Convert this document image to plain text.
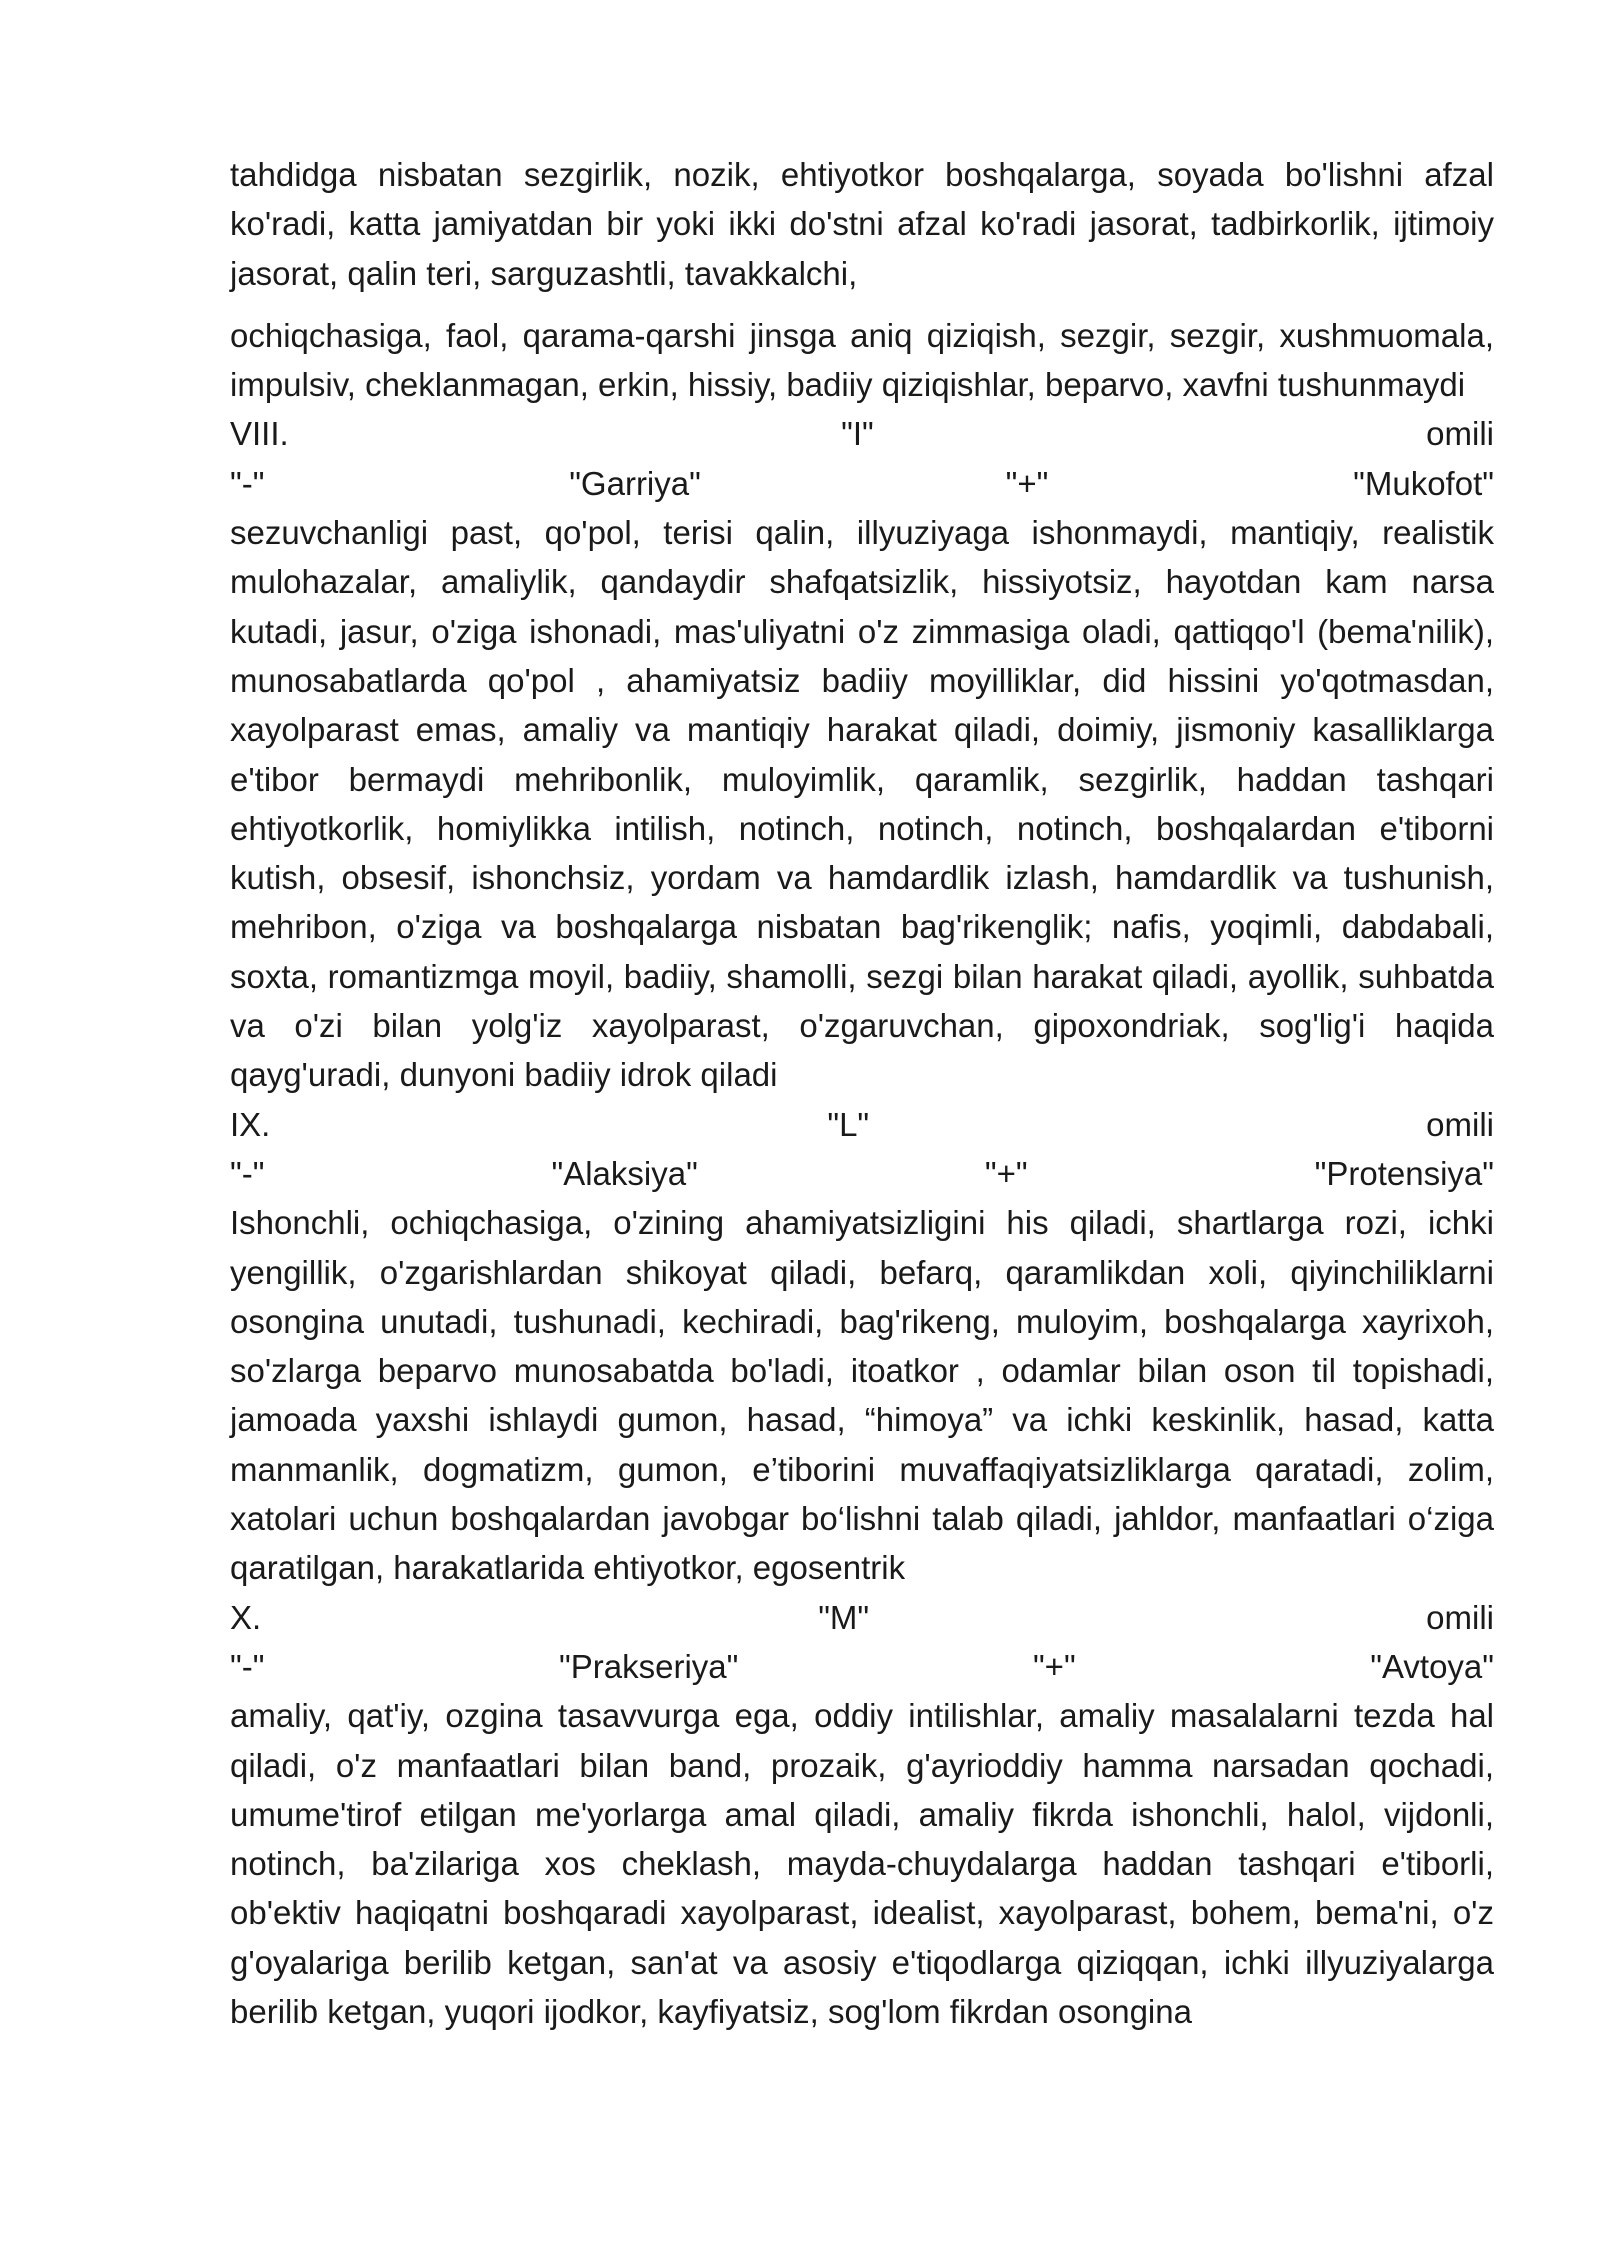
tahdidga nisbatan sezgirlik, nozik, ehtiyotkor boshqalarga, soyada bo'lishni afzal ko'radi, katta jamiyatdan bir yoki ikki do'stni afzal ko'radi jasorat, tadbirkorlik, ijtimoiy jasorat, qalin teri, sarguzashtli, tavakkalchi,

ochiqchasiga, faol, qarama-qarshi jinsga aniq qiziqish, sezgir, sezgir, xushmuomala, impulsiv, cheklanmagan, erkin, hissiy, badiiy qiziqishlar, beparvo, xavfni tushunmaydi

VIII.	"I"	omili
"-"	"Garriya"	"+"	"Mukofot"

sezuvchanligi past, qo'pol, terisi qalin, illyuziyaga ishonmaydi, mantiqiy, realistik mulohazalar, amaliylik, qandaydir shafqatsizlik, hissiyotsiz, hayotdan kam narsa kutadi, jasur, o'ziga ishonadi, mas'uliyatni o'z zimmasiga oladi, qattiqqo'l (bema'nilik), munosabatlarda qo'pol , ahamiyatsiz badiiy moyilliklar, did hissini yo'qotmasdan, xayolparast emas, amaliy va mantiqiy harakat qiladi, doimiy, jismoniy kasalliklarga e'tibor bermaydi mehribonlik, muloyimlik, qaramlik, sezgirlik, haddan tashqari ehtiyotkorlik, homiylikka intilish, notinch, notinch, notinch, boshqalardan e'tiborni kutish, obsesif, ishonchsiz, yordam va hamdardlik izlash, hamdardlik va tushunish, mehribon, o'ziga va boshqalarga nisbatan bag'rikenglik; nafis, yoqimli, dabdabali, soxta, romantizmga moyil, badiiy, shamolli, sezgi bilan harakat qiladi, ayollik, suhbatda va o'zi bilan yolg'iz xayolparast, o'zgaruvchan, gipoxondriak, sog'lig'i haqida qayg'uradi, dunyoni badiiy idrok qiladi

IX.	"L"	omili
"-"	"Alaksiya"	"+"	"Protensiya"

Ishonchli, ochiqchasiga, o'zining ahamiyatsizligini his qiladi, shartlarga rozi, ichki yengillik, o'zgarishlardan shikoyat qiladi, befarq, qaramlikdan xoli, qiyinchiliklarni osongina unutadi, tushunadi, kechiradi, bag'rikeng, muloyim, boshqalarga xayrixoh, so'zlarga beparvo munosabatda bo'ladi, itoatkor , odamlar bilan oson til topishadi, jamoada yaxshi ishlaydi gumon, hasad, “himoya” va ichki keskinlik, hasad, katta manmanlik, dogmatizm, gumon, e’tiborini muvaffaqiyatsizliklarga qaratadi, zolim, xatolari uchun boshqalardan javobgar bo‘lishni talab qiladi, jahldor, manfaatlari o‘ziga qaratilgan, harakatlarida ehtiyotkor, egosentrik

X.	"M"	omili
"-"	"Prakseriya"	"+"	"Avtoya"

amaliy, qat'iy, ozgina tasavvurga ega, oddiy intilishlar, amaliy masalalarni tezda hal qiladi, o'z manfaatlari bilan band, prozaik, g'ayrioddiy hamma narsadan qochadi, umume'tirof etilgan me'yorlarga amal qiladi, amaliy fikrda ishonchli, halol, vijdonli, notinch, ba'zilariga xos cheklash, mayda-chuydalarga haddan tashqari e'tiborli, ob'ektiv haqiqatni boshqaradi xayolparast, idealist, xayolparast, bohem, bema'ni, o'z g'oyalariga berilib ketgan, san'at va asosiy e'tiqodlarga qiziqqan, ichki illyuziyalarga berilib ketgan, yuqori ijodkor, kayfiyatsiz, sog'lom fikrdan osongina
